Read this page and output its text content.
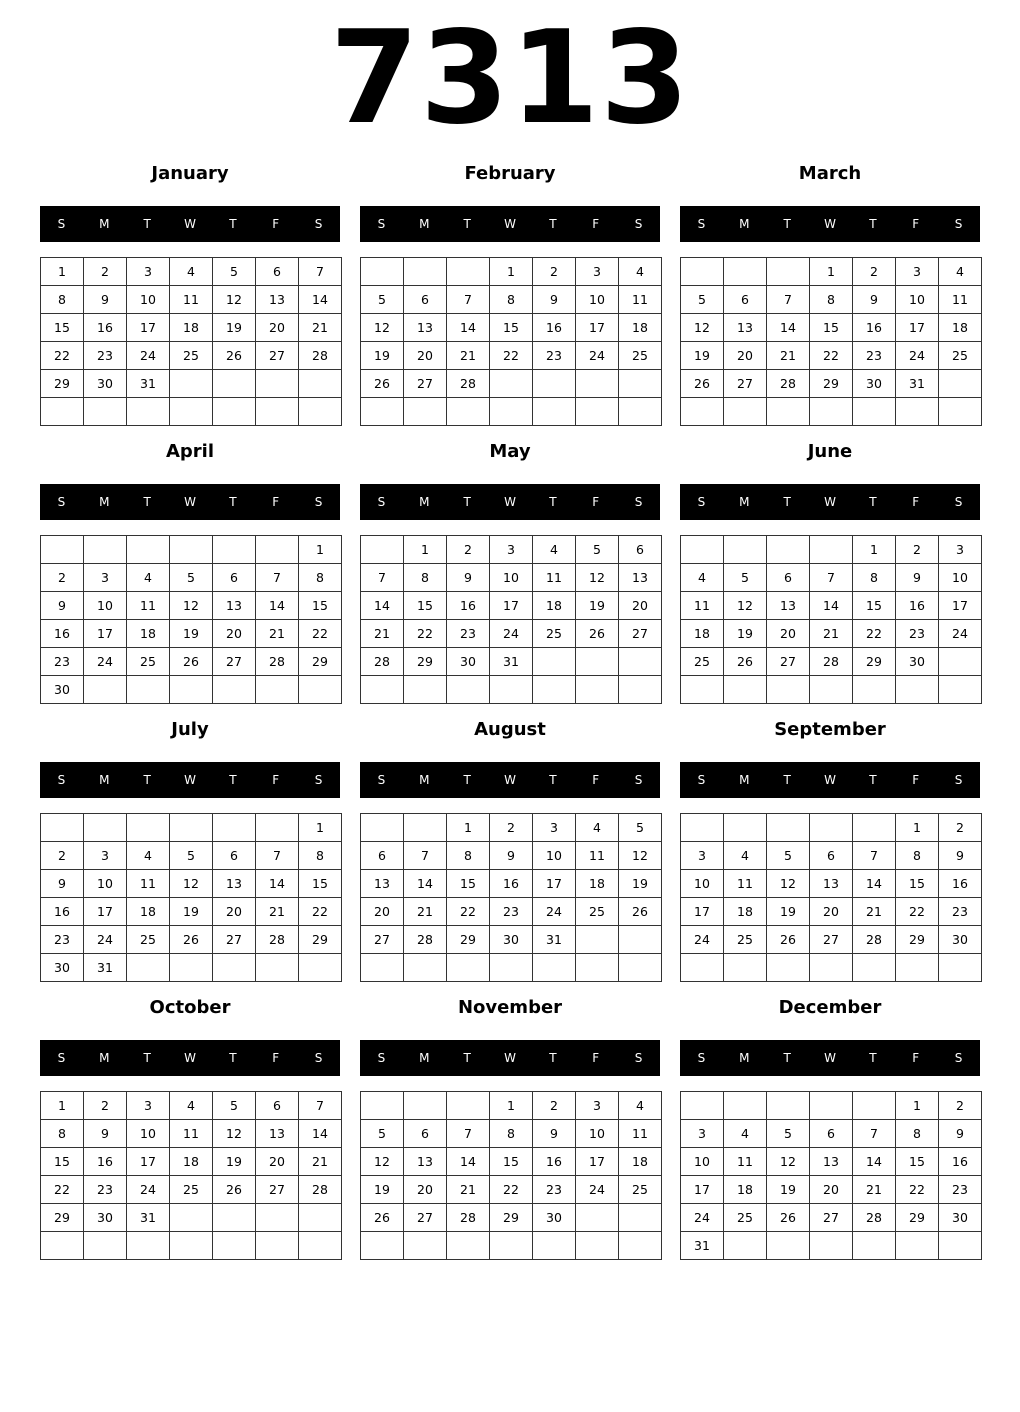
7313
January
S	M	T	W	T	F	S
1	2	3	4	5	6	7
8	9	10	11	12	13	14
15	16	17	18	19	20	21
22	23	24	25	26	27	28
29	30	31				

February
S	M	T	W	T	F	S
			1	2	3	4
5	6	7	8	9	10	11
12	13	14	15	16	17	18
19	20	21	22	23	24	25
26	27	28				

March
S	M	T	W	T	F	S
			1	2	3	4
5	6	7	8	9	10	11
12	13	14	15	16	17	18
19	20	21	22	23	24	25
26	27	28	29	30	31	

April
S	M	T	W	T	F	S
						1
2	3	4	5	6	7	8
9	10	11	12	13	14	15
16	17	18	19	20	21	22
23	24	25	26	27	28	29
30						
May
S	M	T	W	T	F	S
	1	2	3	4	5	6
7	8	9	10	11	12	13
14	15	16	17	18	19	20
21	22	23	24	25	26	27
28	29	30	31			

June
S	M	T	W	T	F	S
				1	2	3
4	5	6	7	8	9	10
11	12	13	14	15	16	17
18	19	20	21	22	23	24
25	26	27	28	29	30	

July
S	M	T	W	T	F	S
						1
2	3	4	5	6	7	8
9	10	11	12	13	14	15
16	17	18	19	20	21	22
23	24	25	26	27	28	29
30	31					
August
S	M	T	W	T	F	S
		1	2	3	4	5
6	7	8	9	10	11	12
13	14	15	16	17	18	19
20	21	22	23	24	25	26
27	28	29	30	31		

September
S	M	T	W	T	F	S
					1	2
3	4	5	6	7	8	9
10	11	12	13	14	15	16
17	18	19	20	21	22	23
24	25	26	27	28	29	30

October
S	M	T	W	T	F	S
1	2	3	4	5	6	7
8	9	10	11	12	13	14
15	16	17	18	19	20	21
22	23	24	25	26	27	28
29	30	31				

November
S	M	T	W	T	F	S
			1	2	3	4
5	6	7	8	9	10	11
12	13	14	15	16	17	18
19	20	21	22	23	24	25
26	27	28	29	30		

December
S	M	T	W	T	F	S
					1	2
3	4	5	6	7	8	9
10	11	12	13	14	15	16
17	18	19	20	21	22	23
24	25	26	27	28	29	30
31						
